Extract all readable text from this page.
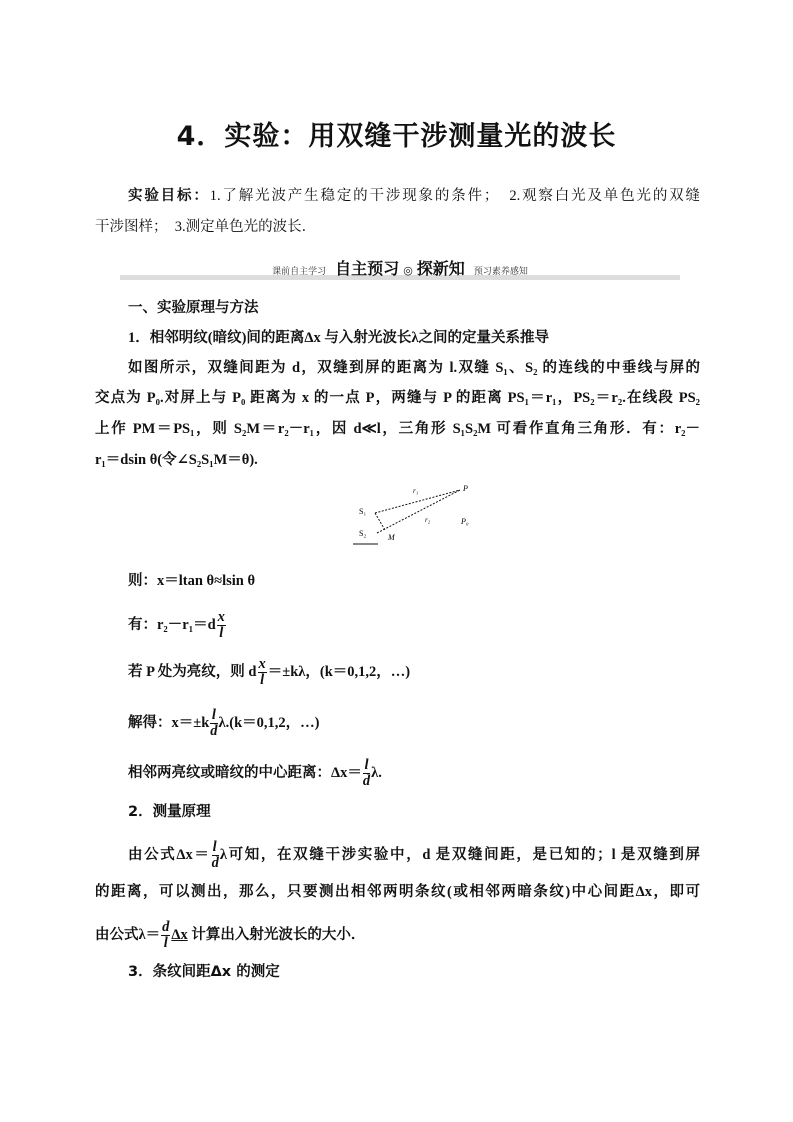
4．实验：用双缝干涉测量光的波长
实验目标：1.了解光波产生稳定的干涉现象的条件；　2.观察白光及单色光的双缝
干涉图样；　3.测定单色光的波长．
课前自主学习 自主预习 ◎ 探新知 预习素养感知
一、实验原理与方法
1．相邻明纹(暗纹)间的距离Δx 与入射光波长λ之间的定量关系推导
如图所示，双缝间距为 d，双缝到屏的距离为 l.双缝 S₁、S₂ 的连线的中垂线与屏的
交点为 P₀.对屏上与 P₀ 距离为 x 的一点 P，两缝与 P 的距离 PS₁＝r₁，PS₂＝r₂.在线段 PS₂
上作 PM＝PS₁，则 S₂M＝r₂－r₁，因 d≪l，三角形 S₁S₂M 可看作直角三角形．有：r₂－
r₁＝dsin θ(令∠S₂S₁M＝θ).
S₁
S₂	M
P
P₀
r₁
r₂
则：x＝ltan θ≈lsin θ
有：$r_2-r_1=d \frac{x}{l}$
若 P 处为亮纹，则 d $\frac{x}{l} =\pm k\lambda$，(k＝0,1,2，…)
解得：$x=\pm k \frac{l}{d} \lambda.(k=0,1,2$，…)
相邻两亮纹或暗纹的中心距离：$\Delta x= \frac{l}{d} \lambda$.
2．测量原理
由公式$\Delta x= \frac{l}{d}$ λ可知，在双缝干涉实验中，d 是双缝间距，是已知的；l 是双缝到屏
的距离，可以测出，那么，只要测出相邻两明条纹(或相邻两暗条纹)中心间距Δx，即可
由公式$\lambda= \frac{d}{l}$ Δx 计算出入射光波长的大小．
3．条纹间距Δx 的测定
